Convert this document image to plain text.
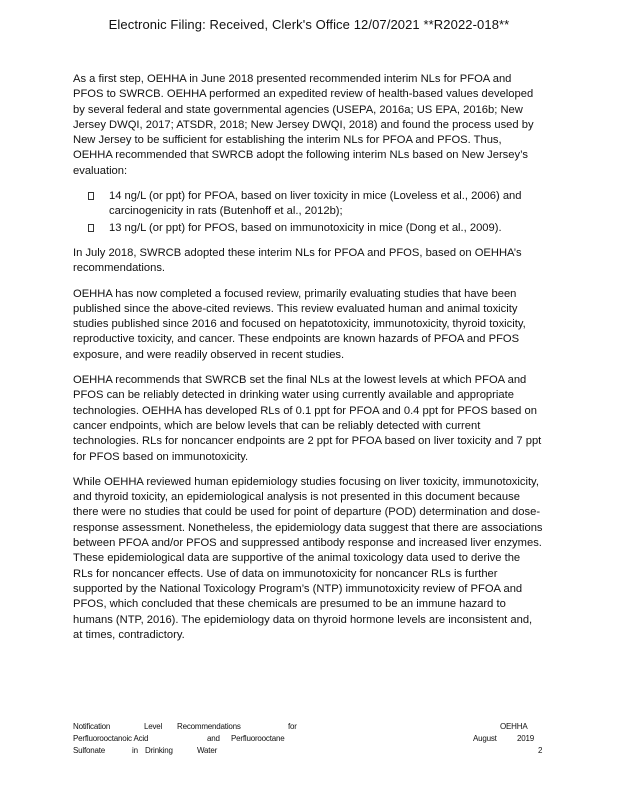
Electronic Filing: Received, Clerk's Office 12/07/2021 **R2022-018**

As a first step, OEHHA in June 2018 presented recommended interim NLs for PFOA and PFOS to SWRCB. OEHHA performed an expedited review of health-based values developed by several federal and state governmental agencies (USEPA, 2016a; US EPA, 2016b; New Jersey DWQI, 2017; ATSDR, 2018; New Jersey DWQI, 2018) and found the process used by New Jersey to be sufficient for establishing the interim NLs for PFOA and PFOS. Thus, OEHHA recommended that SWRCB adopt the following interim NLs based on New Jersey’s evaluation:

14 ng/L (or ppt) for PFOA, based on liver toxicity in mice (Loveless et al., 2006) and carcinogenicity in rats (Butenhoff et al., 2012b);
13 ng/L (or ppt) for PFOS, based on immunotoxicity in mice (Dong et al., 2009).

In July 2018, SWRCB adopted these interim NLs for PFOA and PFOS, based on OEHHA’s recommendations.

OEHHA has now completed a focused review, primarily evaluating studies that have been published since the above-cited reviews. This review evaluated human and animal toxicity studies published since 2016 and focused on hepatotoxicity, immunotoxicity, thyroid toxicity, reproductive toxicity, and cancer. These endpoints are known hazards of PFOA and PFOS exposure, and were readily observed in recent studies.

OEHHA recommends that SWRCB set the final NLs at the lowest levels at which PFOA and PFOS can be reliably detected in drinking water using currently available and appropriate technologies. OEHHA has developed RLs of 0.1 ppt for PFOA and 0.4 ppt for PFOS based on cancer endpoints, which are below levels that can be reliably detected with current technologies. RLs for noncancer endpoints are 2 ppt for PFOA based on liver toxicity and 7 ppt for PFOS based on immunotoxicity.

While OEHHA reviewed human epidemiology studies focusing on liver toxicity, immunotoxicity, and thyroid toxicity, an epidemiological analysis is not presented in this document because there were no studies that could be used for point of departure (POD) determination and dose-response assessment. Nonetheless, the epidemiology data suggest that there are associations between PFOA and/or PFOS and suppressed antibody response and increased liver enzymes. These epidemiological data are supportive of the animal toxicology data used to derive the RLs for noncancer effects. Use of data on immunotoxicity for noncancer RLs is further supported by the National Toxicology Program’s (NTP) immunotoxicity review of PFOA and PFOS, which concluded that these chemicals are presumed to be an immune hazard to humans (NTP, 2016). The epidemiology data on thyroid hormone levels are inconsistent and, at times, contradictory.

Notification	Level Recommendations	for	OEHHA
Perfluorooctanoic Acid	and Perfluorooctane	August	2019
Sulfonate	in Drinking	Water	2
